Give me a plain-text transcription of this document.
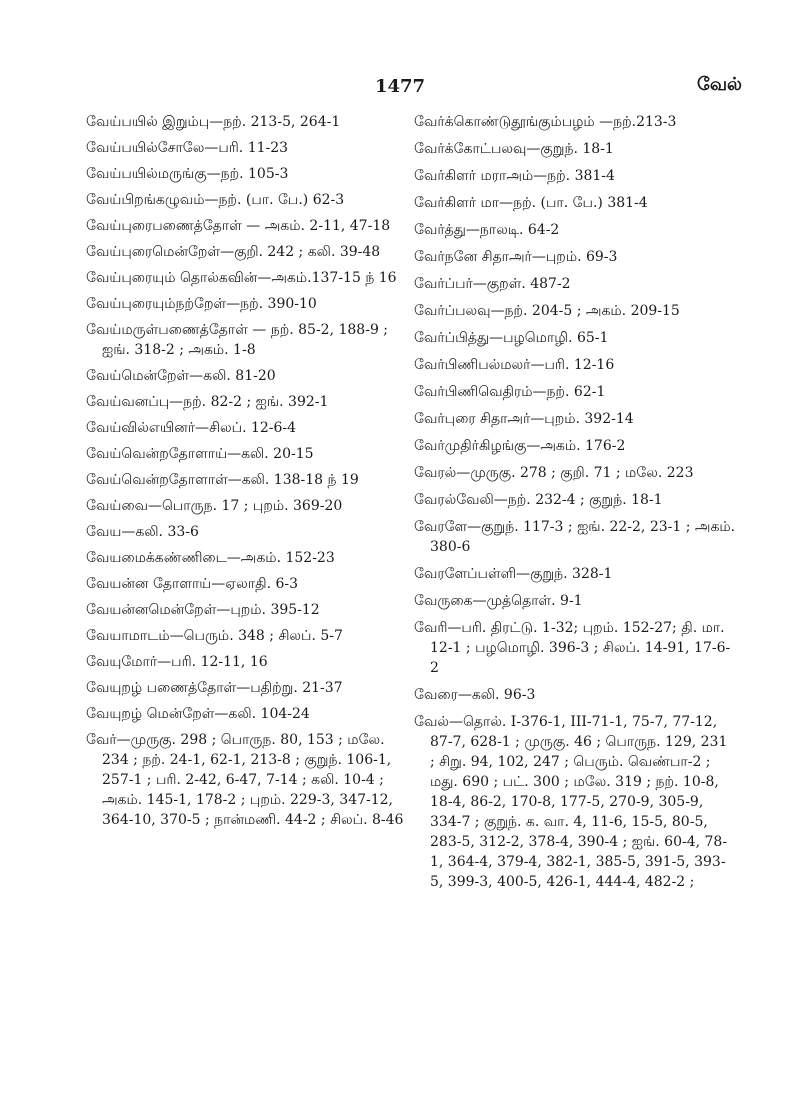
1477	வேல்

வேய்பயில் இறும்பு—நற். 213-5, 264-1

வேய்பயில்சோலே—பரி. 11-23

வேய்பயில்மருங்கு—நற். 105-3

வேய்பிறங்கழுவம்—நற். (பா. பே.) 62-3

வேய்புரைபணைத்தோள் — அகம். 2-11, 47-18

வேய்புரைமென்றேள்—குறி. 242 ; கலி. 39-48

வேய்புரையும் தொல்கவின்—அகம்.137-15 ந் 16

வேய்புரையும்நற்றேள்—நற். 390-10

வேய்மருள்பணைத்தோள் — நற். 85-2, 188-9 ; ஐங். 318-2 ; அகம். 1-8

வேய்மென்றேள்—கலி. 81-20

வேய்வனப்பு—நற். 82-2 ; ஐங். 392-1

வேய்வில்எயினர்—சிலப். 12-6-4

வேய்வென்றதோளாய்—கலி. 20-15

வேய்வென்றதோளாள்—கலி. 138-18 ந் 19

வேய்வை—பொருந. 17 ; புறம். 369-20

வேய—கலி. 33-6

வேயமைக்கண்ணிடை—அகம். 152-23

வேயன்ன தோளாய்—ஏலாதி. 6-3

வேயன்னமென்றேள்—புறம். 395-12

வேயாமாடம்—பெரும். 348 ; சிலப். 5-7

வேயுமோர்—பரி. 12-11, 16

வேயுறழ் பணைத்தோள்—பதிற்று. 21-37

வேயுறழ் மென்றேள்—கலி. 104-24

வேர்—முருகு. 298 ; பொருந. 80, 153 ; மலே. 234 ; நற். 24-1, 62-1, 213-8 ; குறுந். 106-1, 257-1 ; பரி. 2-42, 6-47, 7-14 ; கலி. 10-4 ; அகம். 145-1, 178-2 ; புறம். 229-3, 347-12, 364-10, 370-5 ; நான்மணி. 44-2 ; சிலப். 8-46

வேர்க்கொண்டுதூங்கும்பழம் —நற்.213-3

வேர்க்கோட்பலவு—குறுந். 18-1

வேர்கிளர் மராஅம்—நற். 381-4

வேர்கிளர் மா—நற். (பா. பே.) 381-4

வேர்த்து—நாலடி. 64-2

வேர்நனே சிதாஅர்—புறம். 69-3

வேர்ப்பர்—குறள். 487-2

வேர்ப்பலவு—நற். 204-5 ; அகம். 209-15

வேர்ப்பித்து—பழமொழி. 65-1

வேர்பிணிபல்மலர்—பரி. 12-16

வேர்பிணிவெதிரம்—நற். 62-1

வேர்புரை சிதாஅர்—புறம். 392-14

வேர்முதிர்கிழங்கு—அகம். 176-2

வேரல்—முருகு. 278 ; குறி. 71 ; மலே. 223

வேரல்வேலி—நற். 232-4 ; குறுந். 18-1

வேரளே—குறுந். 117-3 ; ஐங். 22-2, 23-1 ; அகம். 380-6

வேரளேப்பள்ளி—குறுந். 328-1

வேருகை—முத்தொள். 9-1

வேரி—பரி. திரட்டு. 1-32; புறம். 152-27; தி. மா. 12-1 ; பழமொழி. 396-3 ; சிலப். 14-91, 17-6-2

வேரை—கலி. 96-3

வேல்—தொல். I-376-1, III-71-1, 75-7, 77-12, 87-7, 628-1 ; முருகு. 46 ; பொருந. 129, 231 ; சிறு. 94, 102, 247 ; பெரும். வெண்பா-2 ; மது. 690 ; பட். 300 ; மலே. 319 ; நற். 10-8, 18-4, 86-2, 170-8, 177-5, 270-9, 305-9, 334-7 ; குறுந். க. வா. 4, 11-6, 15-5, 80-5, 283-5, 312-2, 378-4, 390-4 ; ஐங். 60-4, 78-1, 364-4, 379-4, 382-1, 385-5, 391-5, 393-5, 399-3, 400-5, 426-1, 444-4, 482-2 ;
